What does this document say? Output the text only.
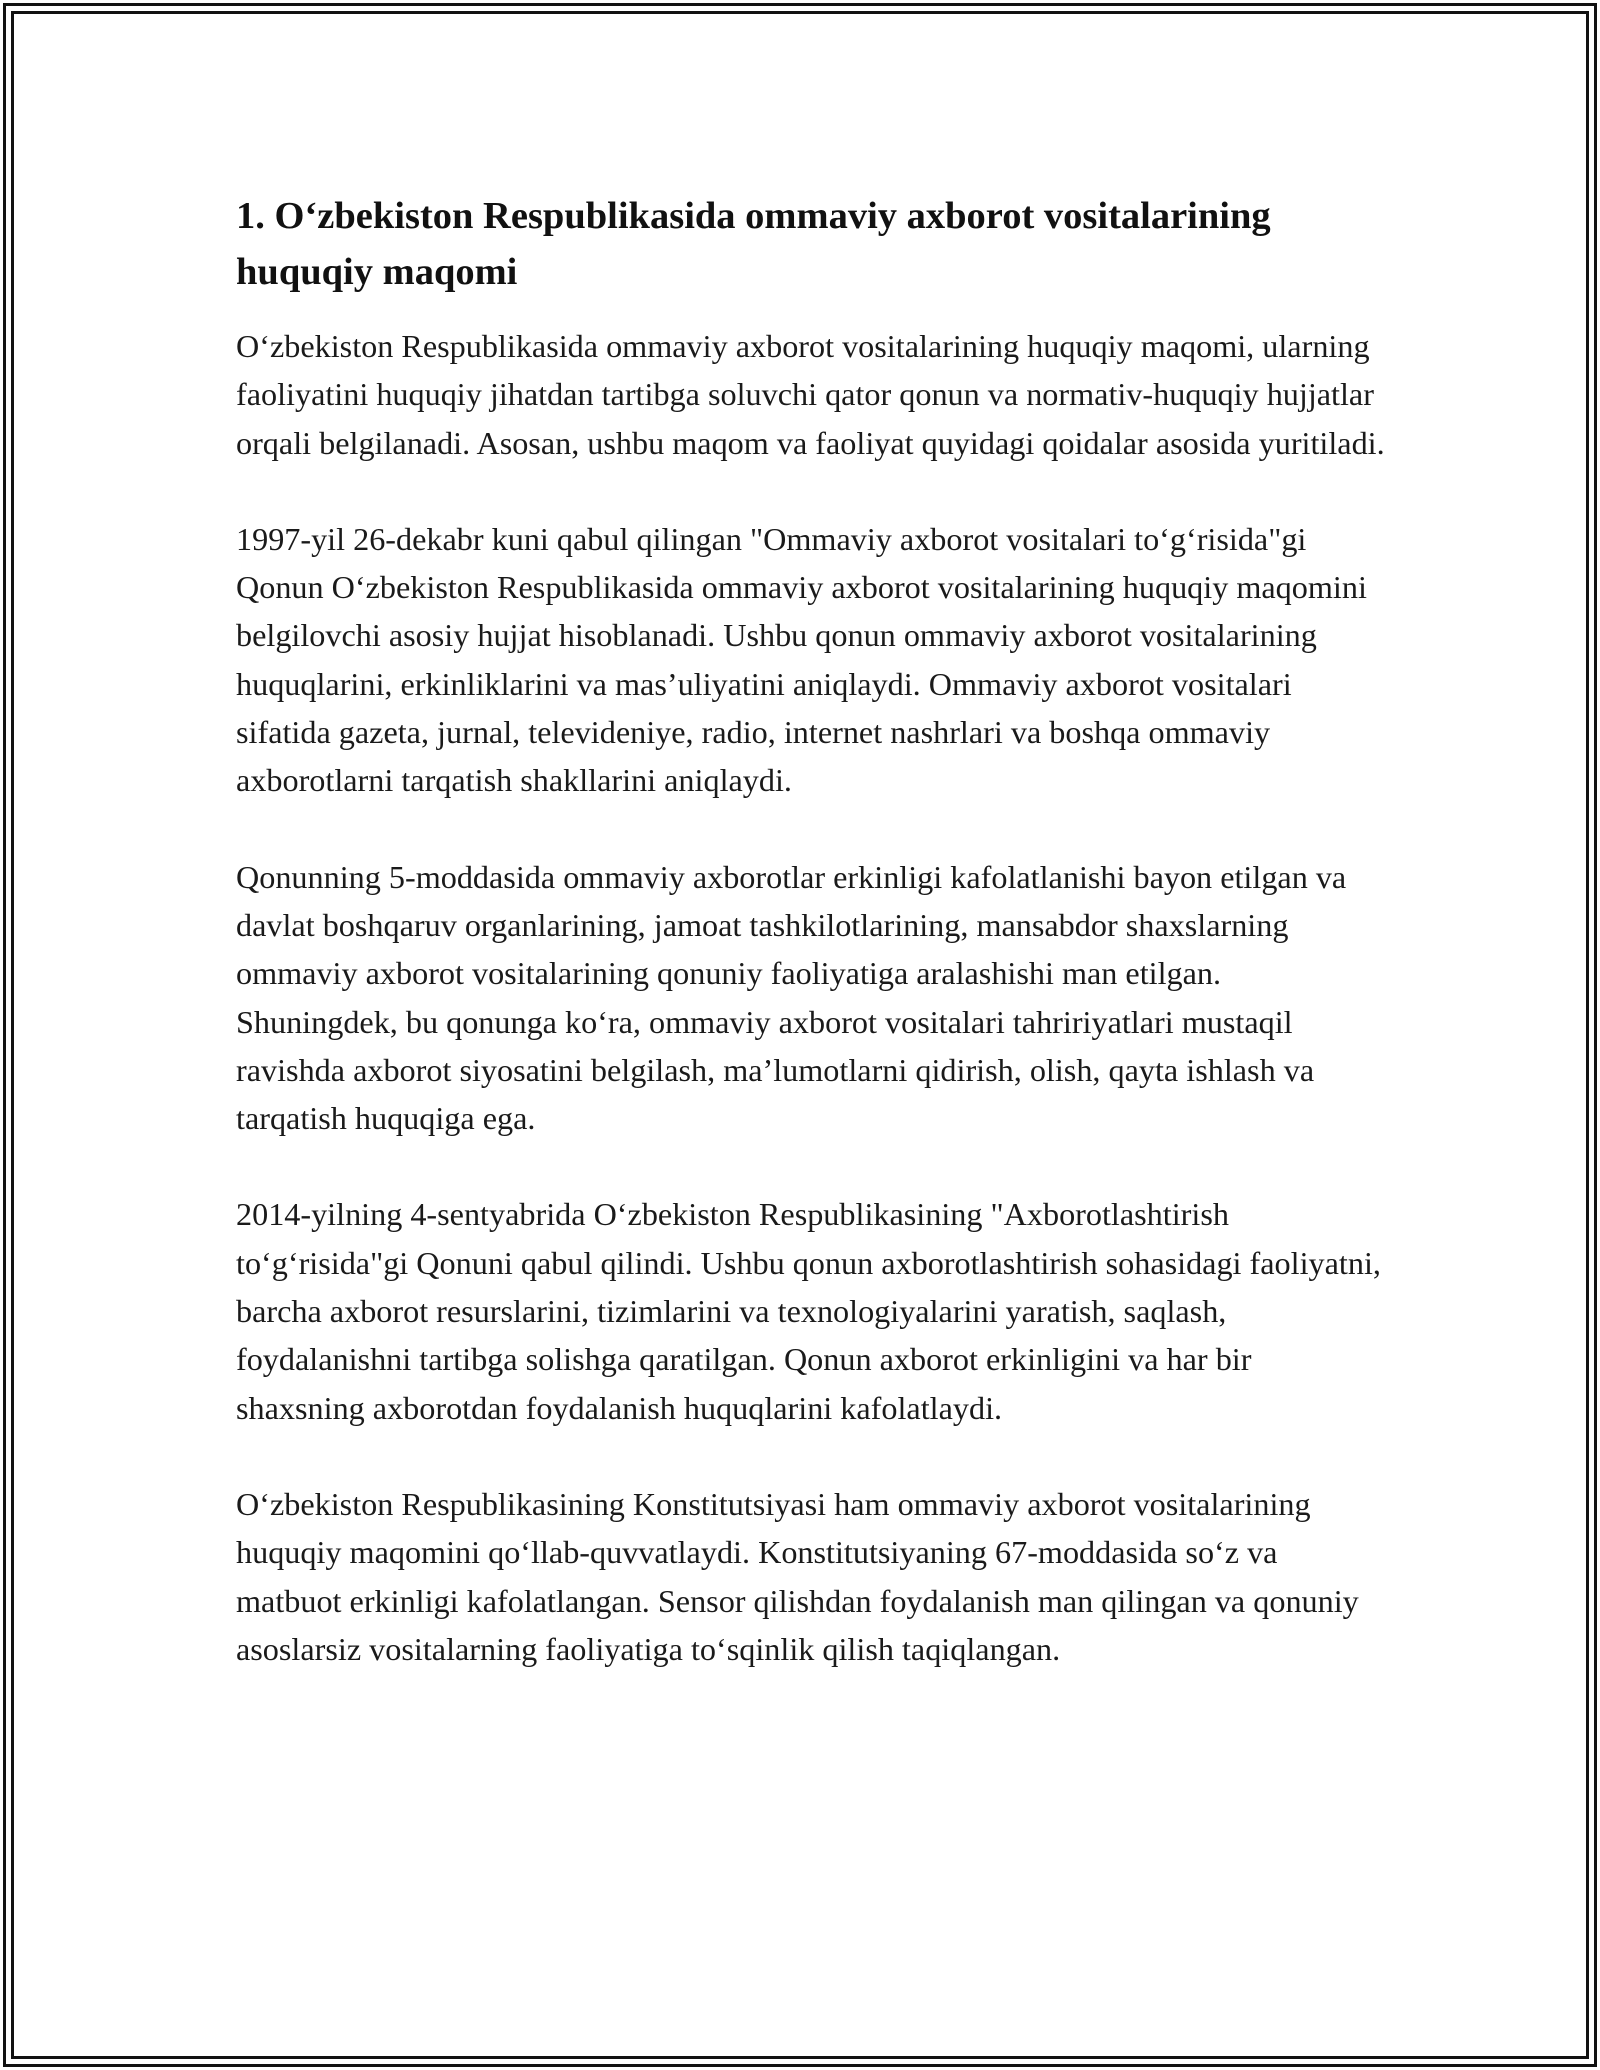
1. Oʻzbekiston Respublikasida ommaviy axborot vositalarining huquqiy maqomi

Oʻzbekiston Respublikasida ommaviy axborot vositalarining huquqiy maqomi, ularning faoliyatini huquqiy jihatdan tartibga soluvchi qator qonun va normativ-huquqiy hujjatlar orqali belgilanadi. Asosan, ushbu maqom va faoliyat quyidagi qoidalar asosida yuritiladi.

1997-yil 26-dekabr kuni qabul qilingan "Ommaviy axborot vositalari toʻgʻrisida"gi Qonun Oʻzbekiston Respublikasida ommaviy axborot vositalarining huquqiy maqomini belgilovchi asosiy hujjat hisoblanadi. Ushbu qonun ommaviy axborot vositalarining huquqlarini, erkinliklarini va masʼuliyatini aniqlaydi. Ommaviy axborot vositalari sifatida gazeta, jurnal, televideniye, radio, internet nashrlari va boshqa ommaviy axborotlarni tarqatish shakllarini aniqlaydi.

Qonunning 5-moddasida ommaviy axborotlar erkinligi kafolatlanishi bayon etilgan va davlat boshqaruv organlarining, jamoat tashkilotlarining, mansabdor shaxslarning ommaviy axborot vositalarining qonuniy faoliyatiga aralashishi man etilgan. Shuningdek, bu qonunga koʻra, ommaviy axborot vositalari tahririyatlari mustaqil ravishda axborot siyosatini belgilash, maʼlumotlarni qidirish, olish, qayta ishlash va tarqatish huquqiga ega.

2014-yilning 4-sentyabrida Oʻzbekiston Respublikasining "Axborotlashtirish toʻgʻrisida"gi Qonuni qabul qilindi. Ushbu qonun axborotlashtirish sohasidagi faoliyatni, barcha axborot resurslarini, tizimlarini va texnologiyalarini yaratish, saqlash, foydalanishni tartibga solishga qaratilgan. Qonun axborot erkinligini va har bir shaxsning axborotdan foydalanish huquqlarini kafolatlaydi.

Oʻzbekiston Respublikasining Konstitutsiyasi ham ommaviy axborot vositalarining huquqiy maqomini qoʻllab-quvvatlaydi. Konstitutsiyaning 67-moddasida soʻz va matbuot erkinligi kafolatlangan. Sensor qilishdan foydalanish man qilingan va qonuniy asoslarsiz vositalarning faoliyatiga toʻsqinlik qilish taqiqlangan.
